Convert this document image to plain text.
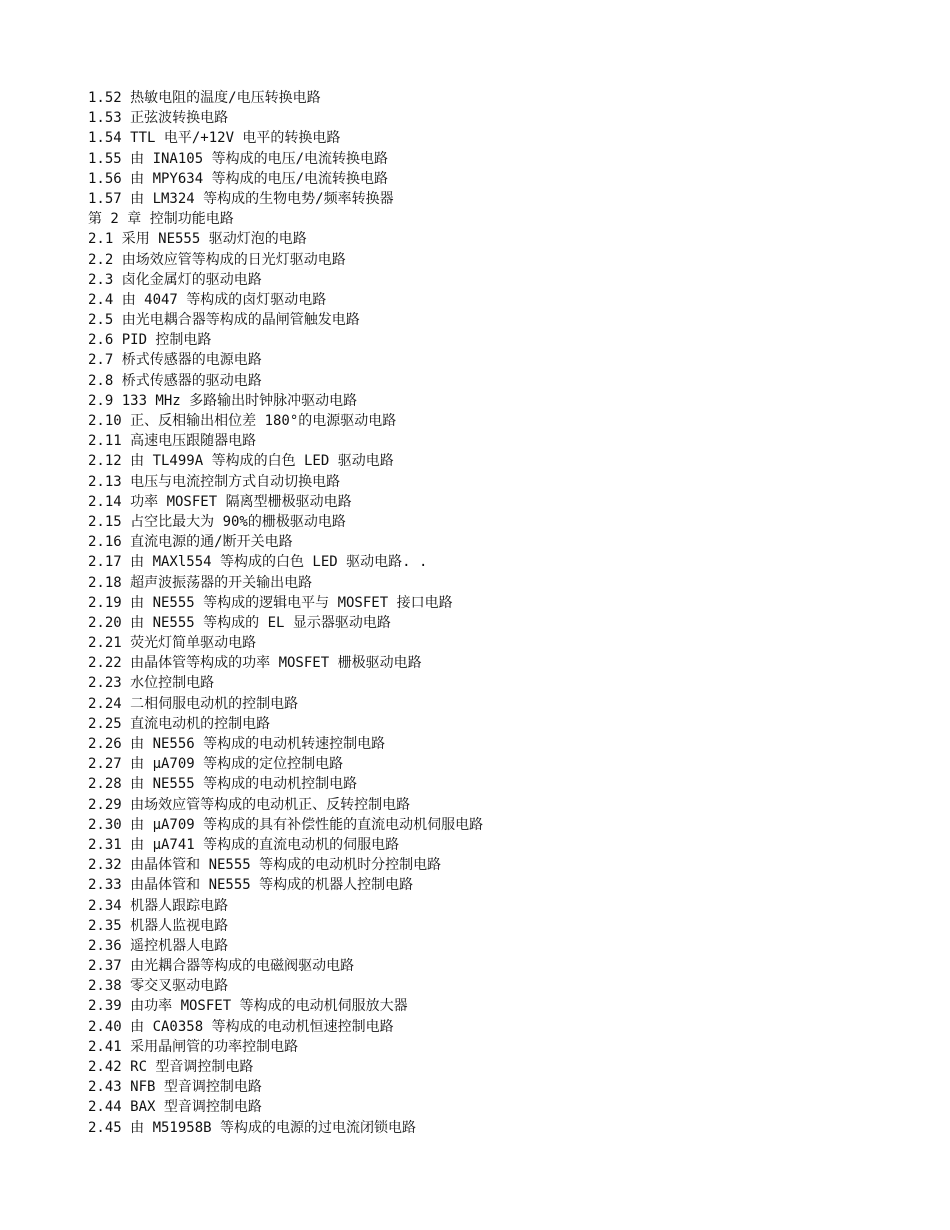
1.52 热敏电阻的温度/电压转换电路
1.53 正弦波转换电路
1.54 TTL 电平/+12V 电平的转换电路
1.55 由 INA105 等构成的电压/电流转换电路
1.56 由 MPY634 等构成的电压/电流转换电路
1.57 由 LM324 等构成的生物电势/频率转换器
第 2 章 控制功能电路
2.1 采用 NE555 驱动灯泡的电路
2.2 由场效应管等构成的日光灯驱动电路
2.3 卤化金属灯的驱动电路
2.4 由 4047 等构成的卤灯驱动电路
2.5 由光电耦合器等构成的晶闸管触发电路
2.6 PID 控制电路
2.7 桥式传感器的电源电路
2.8 桥式传感器的驱动电路
2.9 133 MHz 多路输出时钟脉冲驱动电路
2.10 正、反相输出相位差 180°的电源驱动电路
2.11 高速电压跟随器电路
2.12 由 TL499A 等构成的白色 LED 驱动电路
2.13 电压与电流控制方式自动切换电路
2.14 功率 MOSFET 隔离型栅极驱动电路
2.15 占空比最大为 90%的栅极驱动电路
2.16 直流电源的通/断开关电路
2.17 由 MAXl554 等构成的白色 LED 驱动电路. .
2.18 超声波振荡器的开关输出电路
2.19 由 NE555 等构成的逻辑电平与 MOSFET 接口电路
2.20 由 NE555 等构成的 EL 显示器驱动电路
2.21 荧光灯简单驱动电路
2.22 由晶体管等构成的功率 MOSFET 栅极驱动电路
2.23 水位控制电路
2.24 二相伺服电动机的控制电路
2.25 直流电动机的控制电路
2.26 由 NE556 等构成的电动机转速控制电路
2.27 由 μA709 等构成的定位控制电路
2.28 由 NE555 等构成的电动机控制电路
2.29 由场效应管等构成的电动机正、反转控制电路
2.30 由 μA709 等构成的具有补偿性能的直流电动机伺服电路
2.31 由 μA741 等构成的直流电动机的伺服电路
2.32 由晶体管和 NE555 等构成的电动机时分控制电路
2.33 由晶体管和 NE555 等构成的机器人控制电路
2.34 机器人跟踪电路
2.35 机器人监视电路
2.36 遥控机器人电路
2.37 由光耦合器等构成的电磁阀驱动电路
2.38 零交叉驱动电路
2.39 由功率 MOSFET 等构成的电动机伺服放大器
2.40 由 CA0358 等构成的电动机恒速控制电路
2.41 采用晶闸管的功率控制电路
2.42 RC 型音调控制电路
2.43 NFB 型音调控制电路
2.44 BAX 型音调控制电路
2.45 由 M51958B 等构成的电源的过电流闭锁电路
